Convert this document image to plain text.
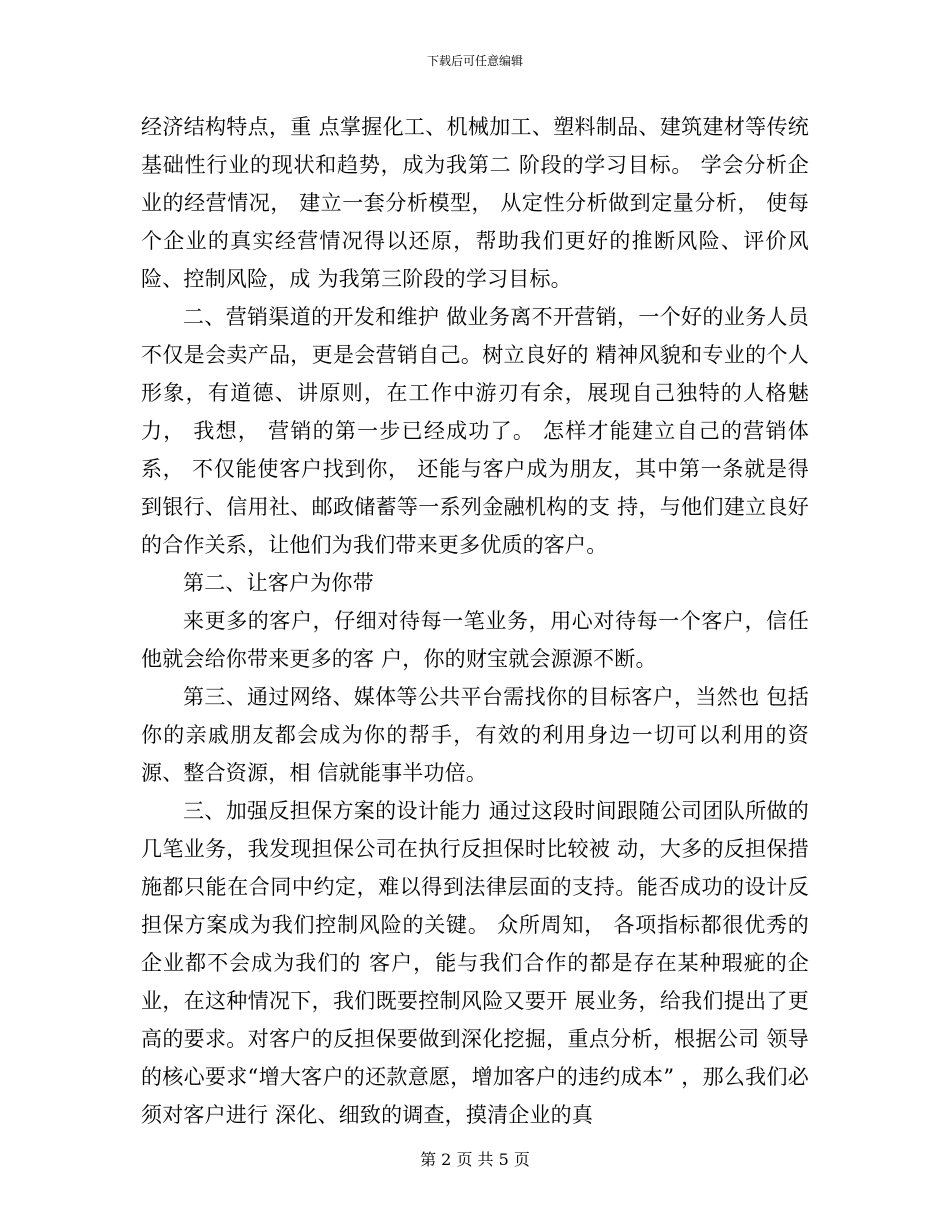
下载后可任意编辑

经济结构特点，重 点掌握化工、机械加工、塑料制品、建筑建材等传统基础性行业的现状和趋势，成为我第二 阶段的学习目标。 学会分析企业的经营情况， 建立一套分析模型， 从定性分析做到定量分析， 使每个企业的真实经营情况得以还原，帮助我们更好的推断风险、评价风险、控制风险，成 为我第三阶段的学习目标。

二、营销渠道的开发和维护 做业务离不开营销，一个好的业务人员不仅是会卖产品，更是会营销自己。树立良好的 精神风貌和专业的个人形象，有道德、讲原则，在工作中游刃有余，展现自己独特的人格魅 力， 我想， 营销的第一步已经成功了。 怎样才能建立自己的营销体系， 不仅能使客户找到你， 还能与客户成为朋友，其中第一条就是得到银行、信用社、邮政储蓄等一系列金融机构的支 持，与他们建立良好的合作关系，让他们为我们带来更多优质的客户。

第二、让客户为你带

来更多的客户，仔细对待每一笔业务，用心对待每一个客户，信任他就会给你带来更多的客 户，你的财宝就会源源不断。

第三、通过网络、媒体等公共平台需找你的目标客户，当然也 包括你的亲戚朋友都会成为你的帮手，有效的利用身边一切可以利用的资源、整合资源，相 信就能事半功倍。

三、加强反担保方案的设计能力 通过这段时间跟随公司团队所做的几笔业务，我发现担保公司在执行反担保时比较被 动，大多的反担保措施都只能在合同中约定，难以得到法律层面的支持。能否成功的设计反 担保方案成为我们控制风险的关键。 众所周知， 各项指标都很优秀的企业都不会成为我们的 客户，能与我们合作的都是存在某种瑕疵的企业，在这种情况下，我们既要控制风险又要开 展业务，给我们提出了更高的要求。对客户的反担保要做到深化挖掘，重点分析，根据公司 领导的核心要求“增大客户的还款意愿，增加客户的违约成本” ，那么我们必须对客户进行 深化、细致的调查，摸清企业的真

第 2 页 共 5 页
